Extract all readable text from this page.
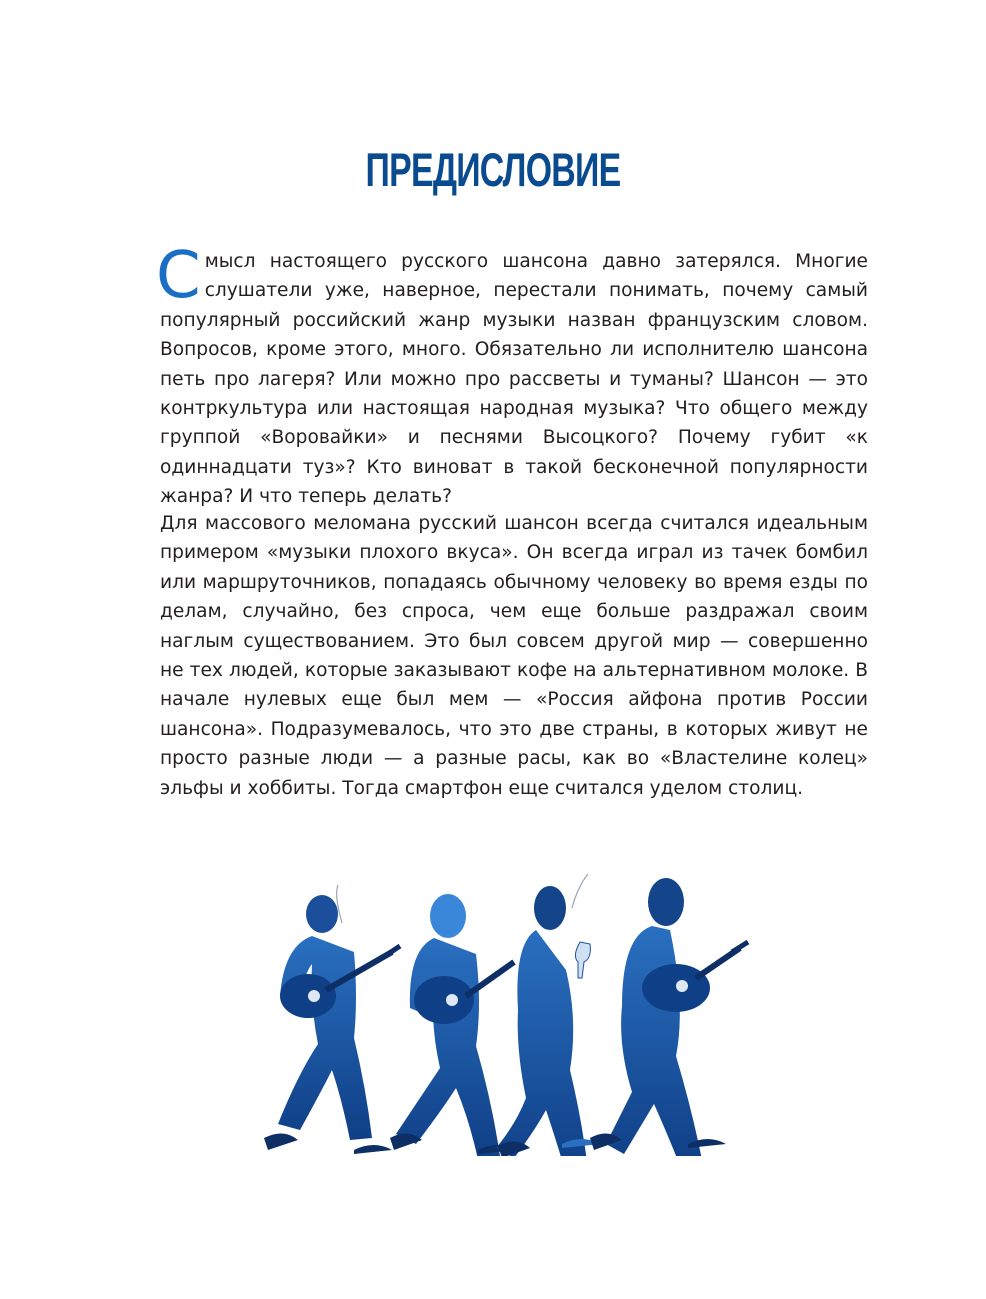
ПРЕДИСЛОВИЕ

Смысл настоящего русского шансона давно затерялся. Многие слушатели уже, наверное, перестали понимать, почему самый популярный российский жанр музыки назван французским словом. Вопросов, кроме этого, много. Обязательно ли исполнителю шансона петь про лагеря? Или можно про рассветы и туманы? Шансон — это контркультура или настоящая народная музыка? Что общего между группой «Воровайки» и песнями Высоцкого? Почему губит «к одиннадцати туз»? Кто виноват в такой бесконечной популярности жанра? И что теперь делать?

Для массового меломана русский шансон всегда считался идеальным примером «музыки плохого вкуса». Он всегда играл из тачек бомбил или маршруточников, попадаясь обычному человеку во время езды по делам, случайно, без спроса, чем еще больше раздражал своим наглым существованием. Это был совсем другой мир — совершенно не тех людей, которые заказывают кофе на альтернативном молоке. В начале нулевых еще был мем — «Россия айфона против России шансона». Подразумевалось, что это две страны, в которых живут не просто разные люди — а разные расы, как во «Властелине колец» эльфы и хоббиты. Тогда смартфон еще считался уделом столиц.
